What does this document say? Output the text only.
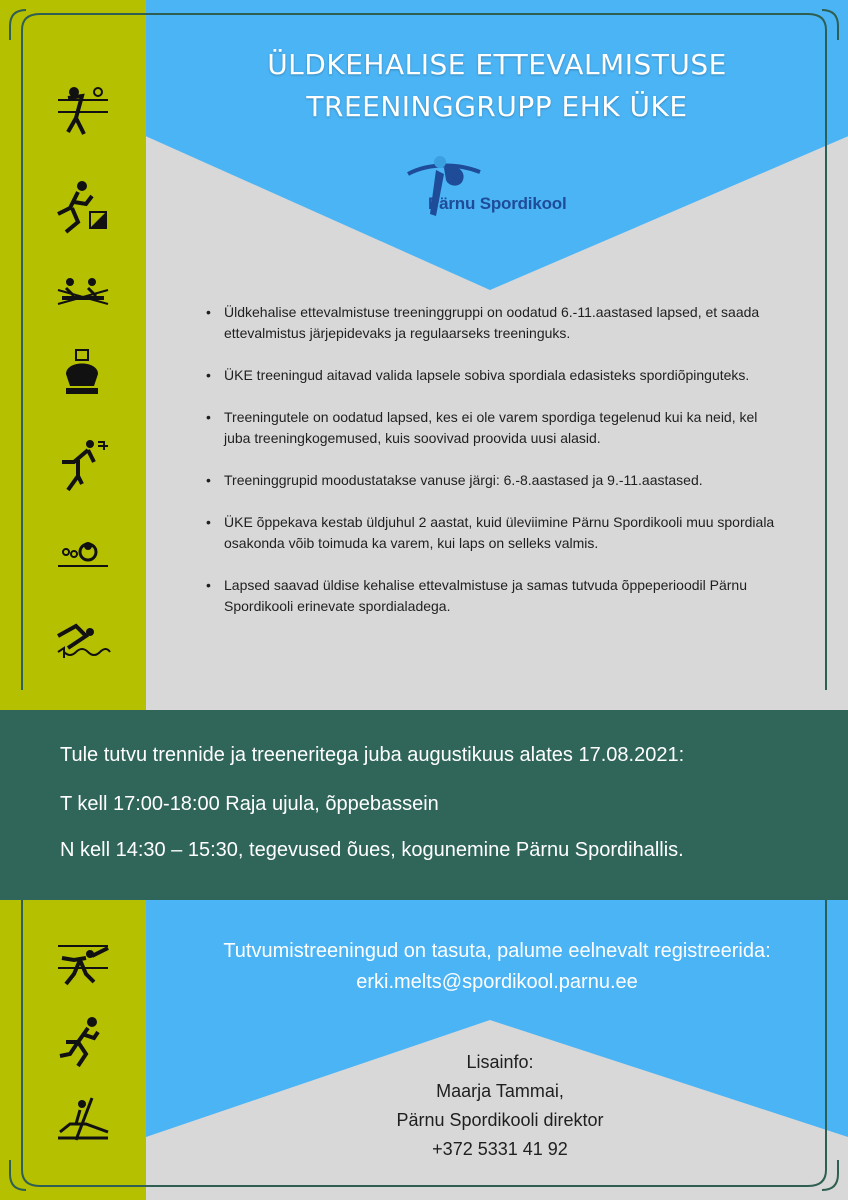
ÜLDKEHALISE ETTEVALMISTUSE
TREENINGGRUPP EHK ÜKE
Pärnu Spordikool
• Üldkehalise ettevalmistuse treeninggruppi on oodatud 6.-11.aastased lapsed, et saada ettevalmistus järjepidevaks ja regulaarseks treeninguks.
• ÜKE treeningud aitavad valida lapsele sobiva spordiala edasisteks spordiõpinguteks.
• Treeningutele on oodatud lapsed, kes ei ole varem spordiga tegelenud kui ka neid, kel juba treeningkogemused, kuis soovivad proovida uusi alasid.
• Treeninggrupid moodustatakse vanuse järgi: 6.-8.aastased ja 9.-11.aastased.
• ÜKE õppekava kestab üldjuhul 2 aastat, kuid üleviimine Pärnu Spordikooli muu spordiala osakonda võib toimuda ka varem, kui laps on selleks valmis.
• Lapsed saavad üldise kehalise ettevalmistuse ja samas tutvuda õppeperioodil Pärnu Spordikooli erinevate spordialadega.
Tule tutvu trennide ja treeneritega juba augustikuus alates 17.08.2021:
T kell 17:00-18:00 Raja ujula, õppebassein
N kell 14:30 – 15:30, tegevused õues, kogunemine Pärnu Spordihallis.
Tutvumistreeningud on tasuta, palume eelnevalt registreerida:
erki.melts@spordikool.parnu.ee
Lisainfo:
Maarja Tammai,
Pärnu Spordikooli direktor
+372 5331 41 92
